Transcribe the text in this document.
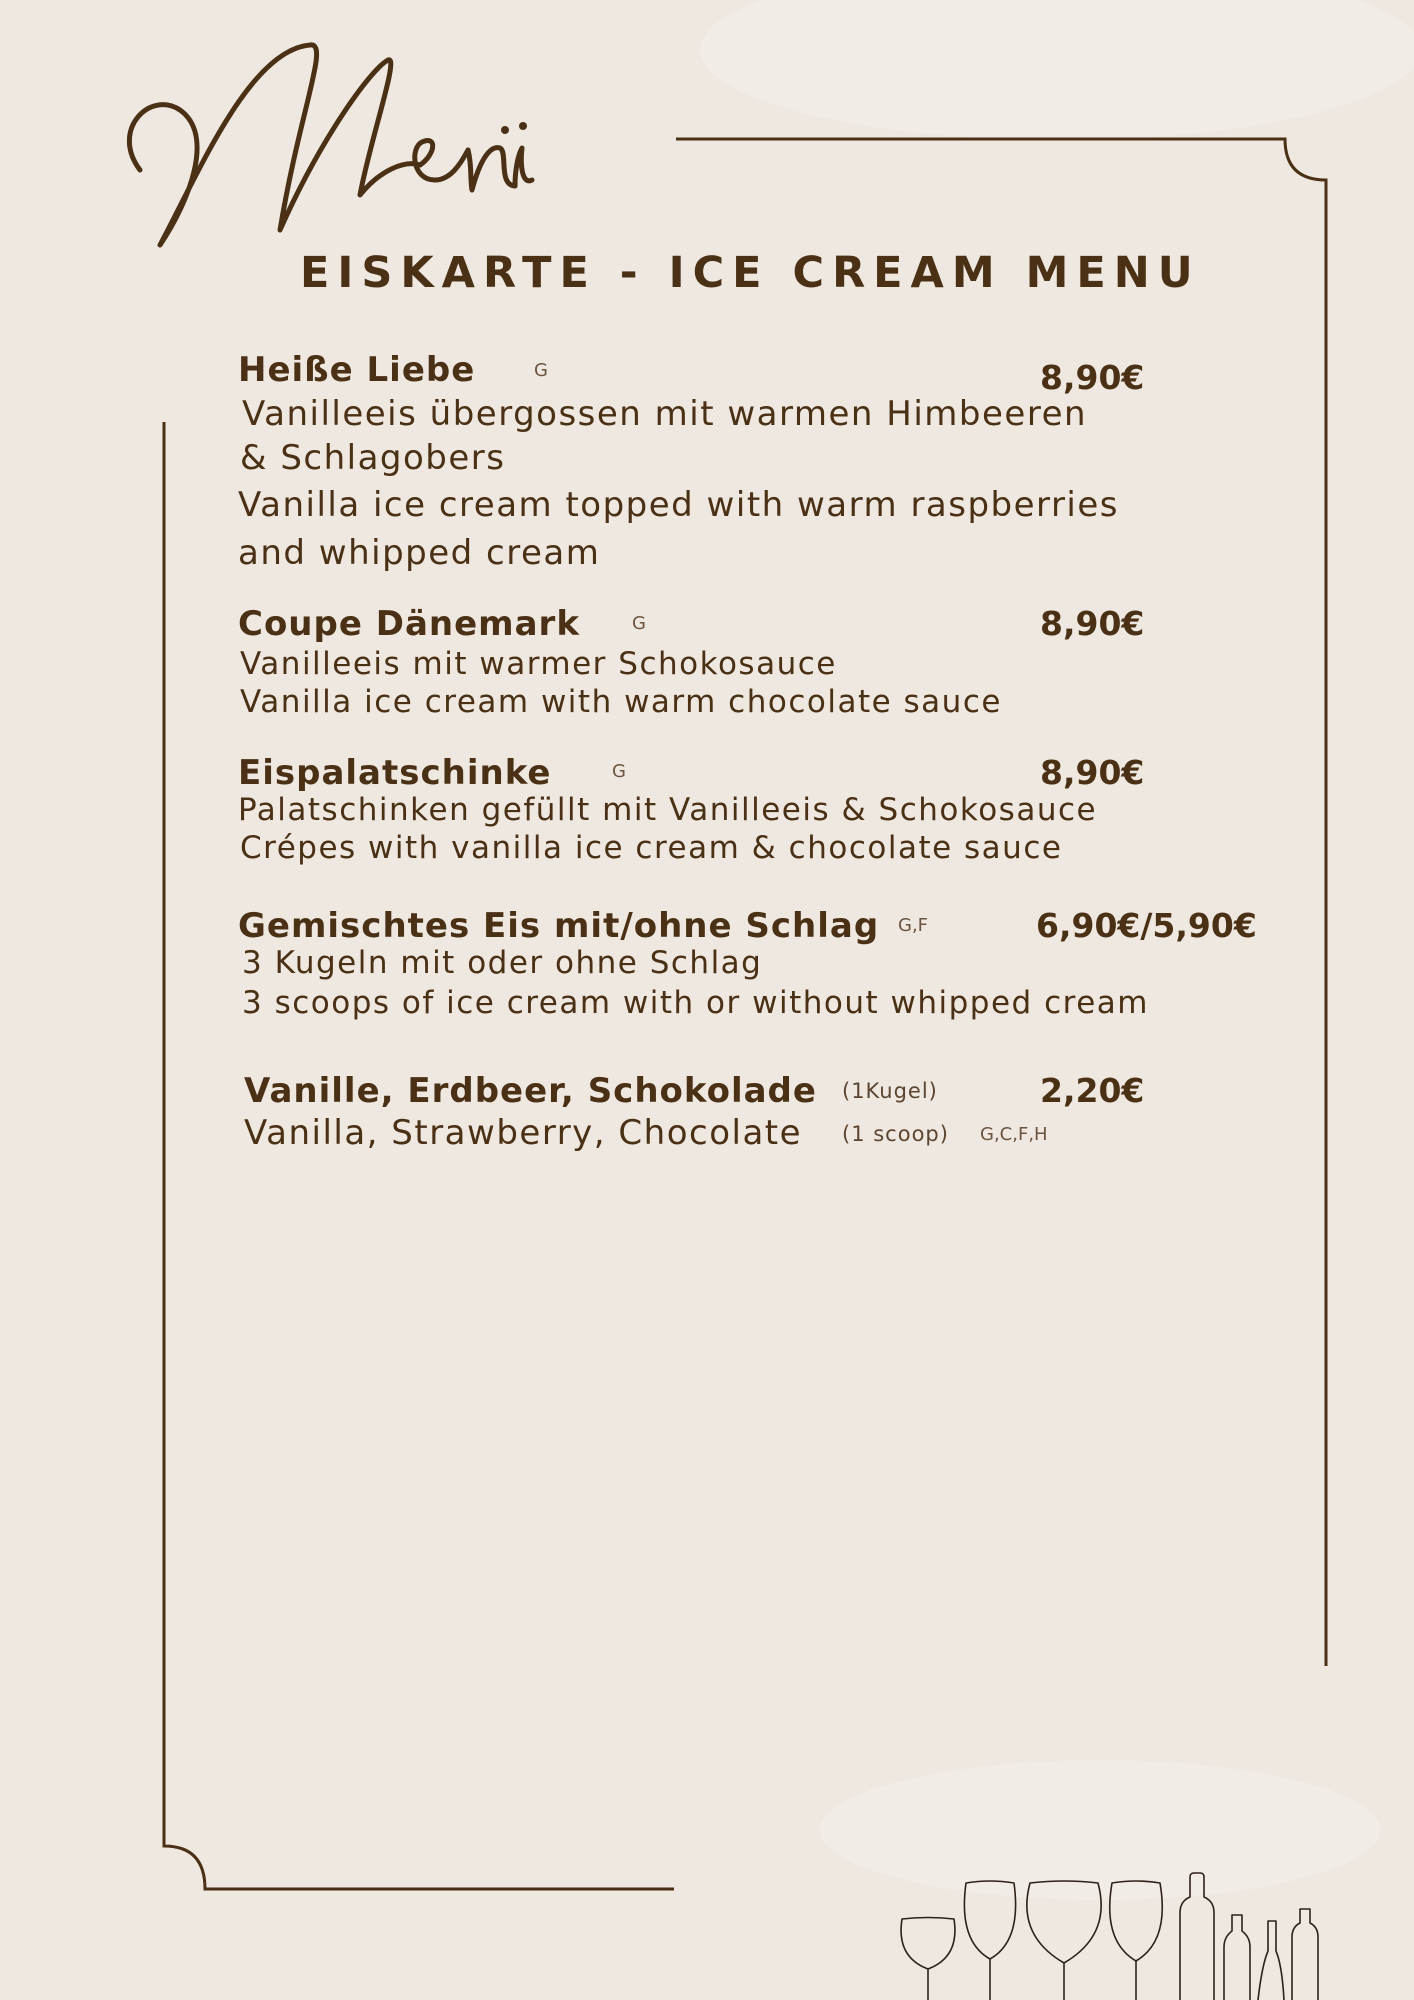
EISKARTE - ICE CREAM MENU
Heiße Liebe	G	8,90€
Vanilleeis übergossen mit warmen Himbeeren
& Schlagobers
Vanilla ice cream topped with warm raspberries
and whipped cream
Coupe Dänemark	G	8,90€
Vanilleeis mit warmer Schokosauce
Vanilla ice cream with warm chocolate sauce
Eispalatschinke	G	8,90€
Palatschinken gefüllt mit Vanilleeis & Schokosauce
Crépes with vanilla ice cream & chocolate sauce
Gemischtes Eis mit/ohne Schlag G,F	6,90€/5,90€
3 Kugeln mit oder ohne Schlag
3 scoops of ice cream with or without whipped cream
Vanille, Erdbeer, Schokolade (1Kugel)	2,20€
Vanilla, Strawberry, Chocolate (1 scoop) G,C,F,H
